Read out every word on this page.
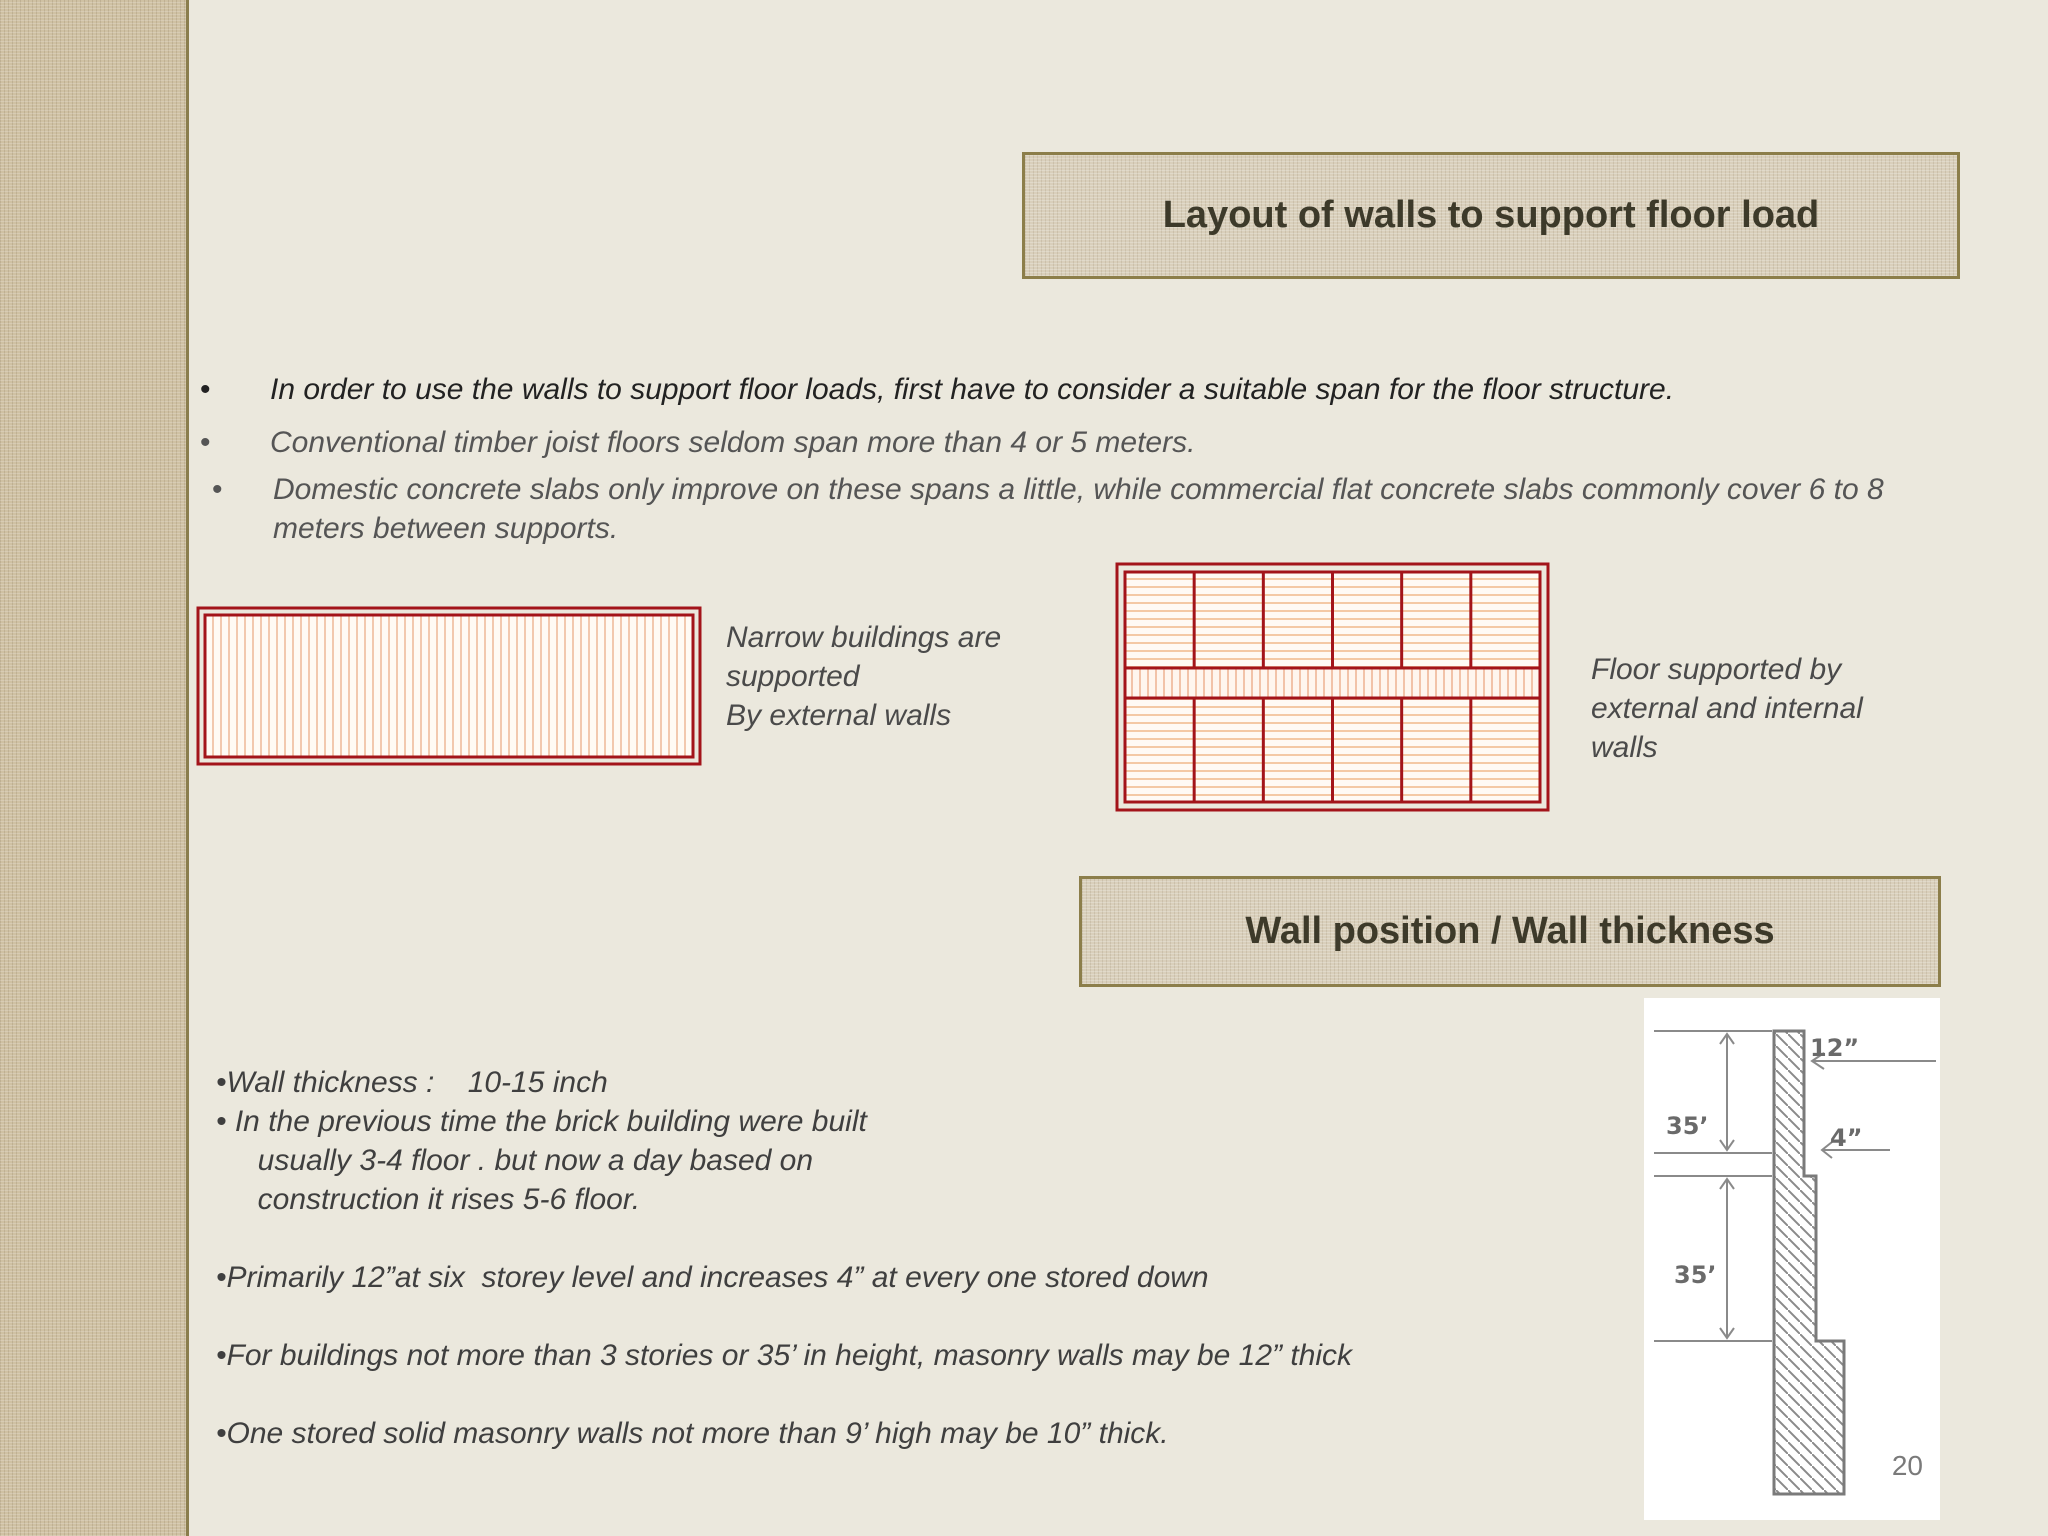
Layout of walls to support floor load
•	In order to use the walls to support floor loads, first have to consider a suitable span for the floor structure.
•	Conventional timber joist floors seldom span more than 4 or 5 meters.
•	Domestic concrete slabs only improve on these spans a little, while commercial flat concrete slabs commonly cover 6 to 8 meters between supports.
Narrow buildings are
supported
By external walls
Floor supported by
external and internal
walls
Wall position / Wall thickness
•Wall thickness :    10-15 inch
• In the previous time the brick building were built
usually 3-4 floor . but now a day based on
construction it rises 5-6 floor.
•Primarily 12”at six  storey level and increases 4” at every one stored down
•For buildings not more than 3 stories or 35’ in height, masonry walls may be 12” thick
•One stored solid masonry walls not more than 9’ high may be 10” thick.
12”
4”
35’
35’
20
